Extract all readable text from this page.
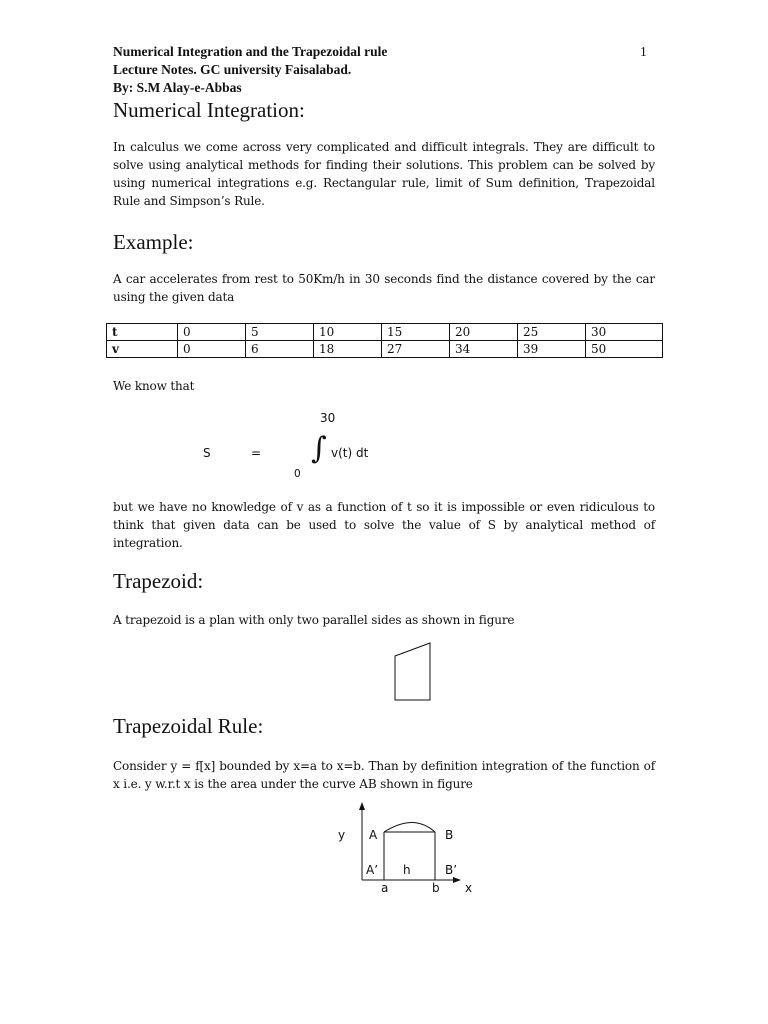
Numerical Integration and the Trapezoidal rule	1
Lecture Notes. GC university Faisalabad.
By: S.M Alay-e-Abbas
Numerical Integration:
In calculus we come across very complicated and difficult integrals. They are difficult to solve using analytical methods for finding their solutions. This problem can be solved by using numerical integrations e.g. Rectangular rule, limit of Sum definition, Trapezoidal Rule and Simpson’s Rule.
Example:
A car accelerates from rest to 50Km/h in 30 seconds find the distance covered by the car using the given data
t	0	5	10	15	20	25	30
v	0	6	18	27	34	39	50
We know that
30
S	= ∫ v(t) dt
0
but we have no knowledge of v as a function of t so it is impossible or even ridiculous to think that given data can be used to solve the value of S by analytical method of integration.
Trapezoid:
A trapezoid is a plan with only two parallel sides as shown in figure
Trapezoidal Rule:
Consider y = f[x] bounded by x=a to x=b. Than by definition integration of the function of x i.e. y w.r.t x is the area under the curve AB shown in figure
y A	B
A’ h	B’
a	b x
